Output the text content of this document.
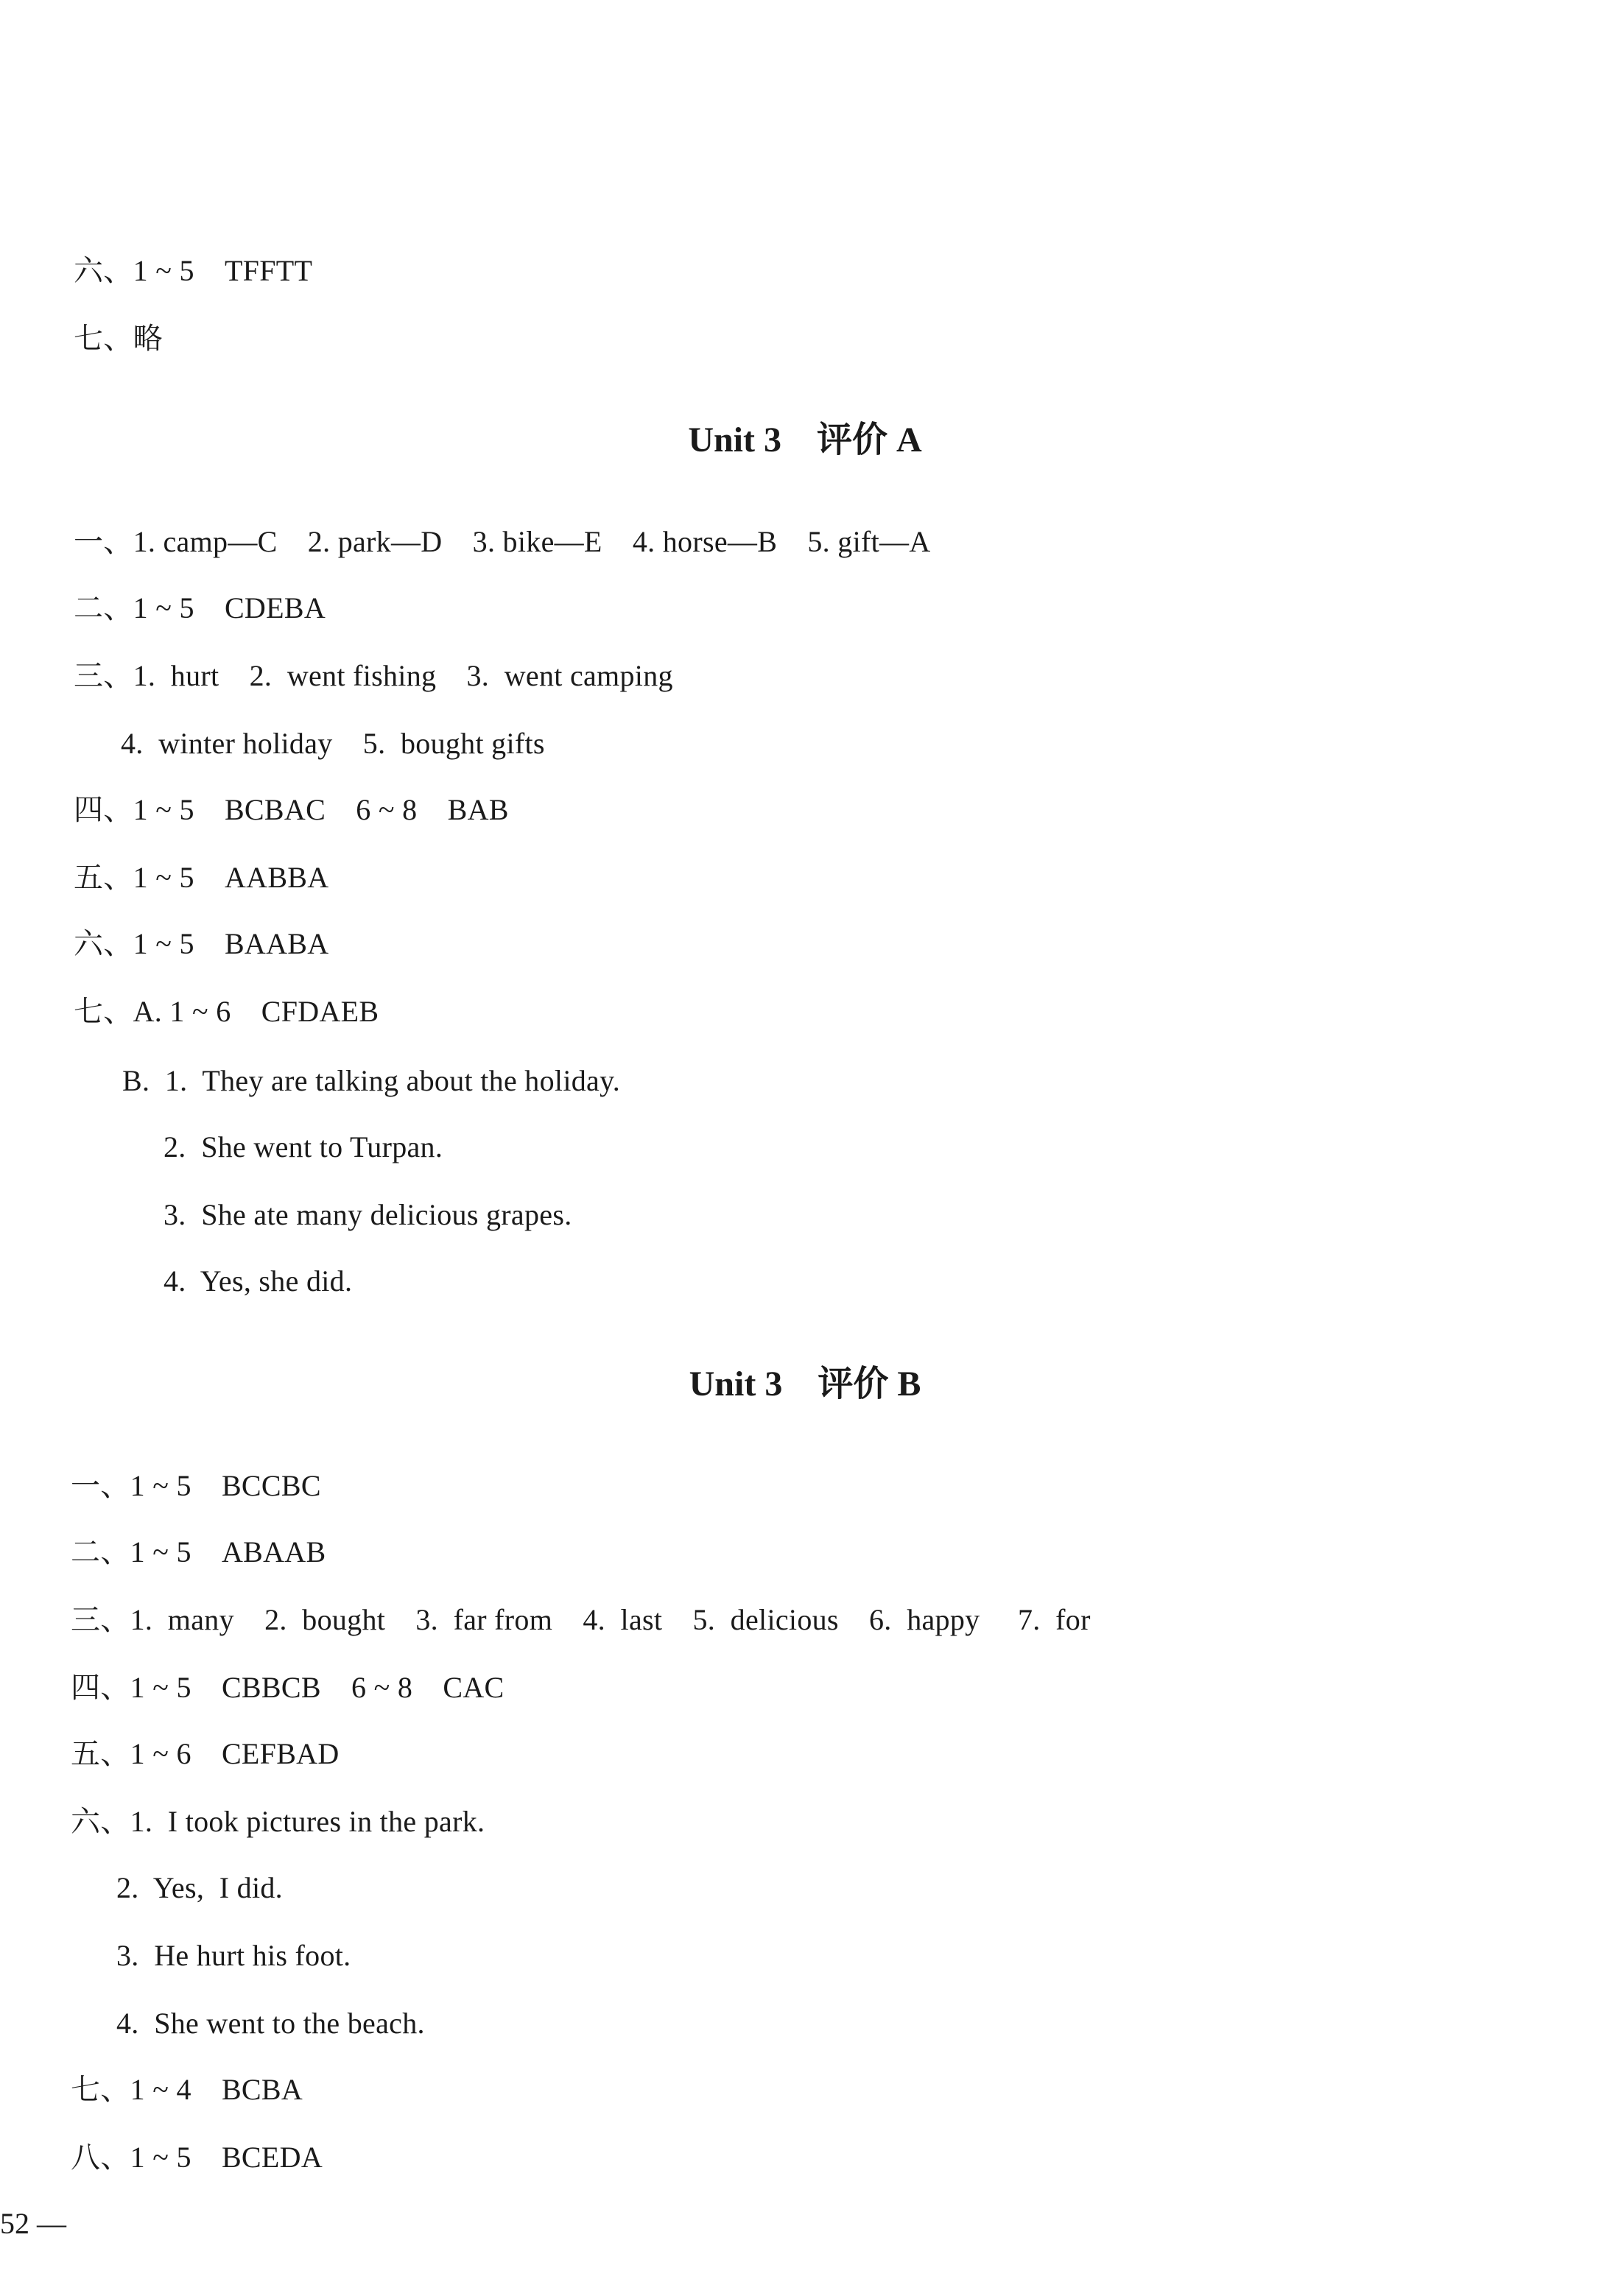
六、1 ~ 5    TFFTT
七、略
Unit 3    评价 A
一、1. camp—C    2. park—D    3. bike—E    4. horse—B    5. gift—A
二、1 ~ 5    CDEBA
三、1.  hurt    2.  went fishing    3.  went camping
4.  winter holiday    5.  bought gifts
四、1 ~ 5    BCBAC    6 ~ 8    BAB
五、1 ~ 5    AABBA
六、1 ~ 5    BAABA
七、A. 1 ~ 6    CFDAEB
B.  1.  They are talking about the holiday.
2.  She went to Turpan.
3.  She ate many delicious grapes.
4.  Yes, she did.
Unit 3    评价 B
一、1 ~ 5    BCCBC
二、1 ~ 5    ABAAB
三、1.  many    2.  bought    3.  far from    4.  last    5.  delicious    6.  happy     7.  for
四、1 ~ 5    CBBCB    6 ~ 8    CAC
五、1 ~ 6    CEFBAD
六、1.  I took pictures in the park.
2.  Yes,  I did.
3.  He hurt his foot.
4.  She went to the beach.
七、1 ~ 4    BCBA
八、1 ~ 5    BCEDA
52 —
